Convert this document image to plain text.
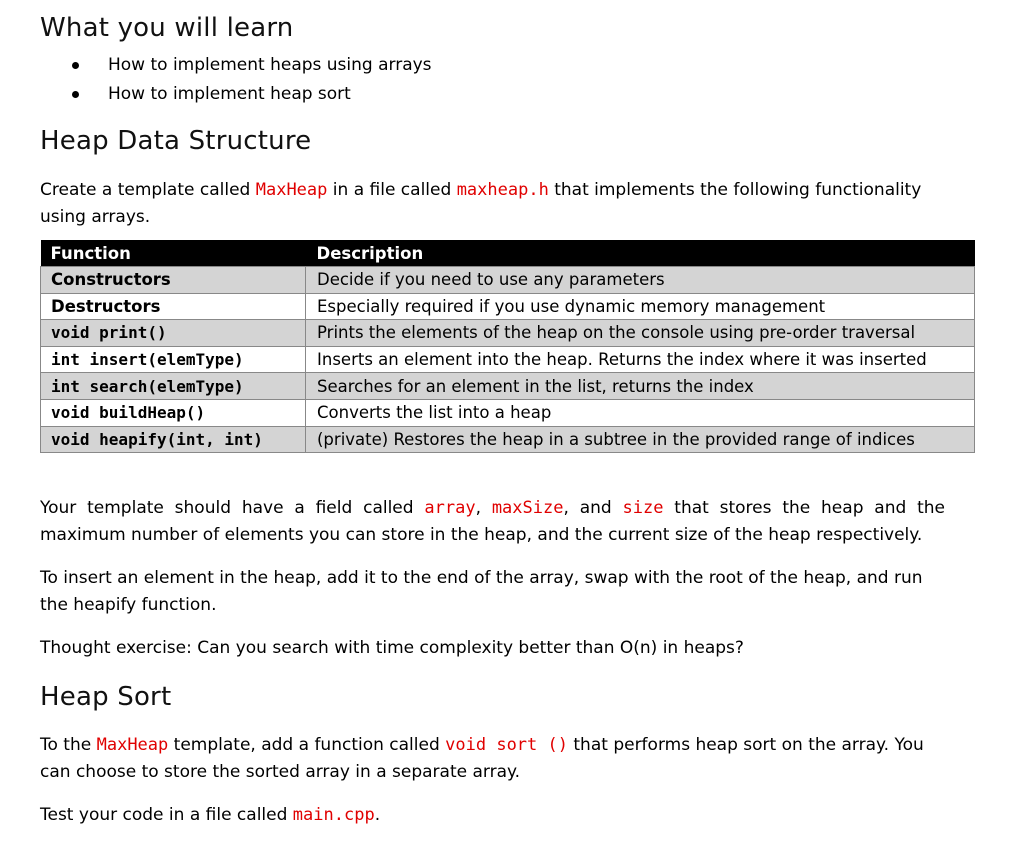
What you will learn
How to implement heaps using arrays
How to implement heap sort
Heap Data Structure

Create a template called MaxHeap in a file called maxheap.h that implements the following functionality using arrays.

Function	Description
Constructors	Decide if you need to use any parameters
Destructors	Especially required if you use dynamic memory management
void print()	Prints the elements of the heap on the console using pre-order traversal
int insert(elemType)	Inserts an element into the heap. Returns the index where it was inserted
int search(elemType)	Searches for an element in the list, returns the index
void buildHeap()	Converts the list into a heap
void heapify(int, int)	(private) Restores the heap in a subtree in the provided range of indices

Your template should have a field called array, maxSize, and size that stores the heap and the maximum number of elements you can store in the heap, and the current size of the heap respectively.

To insert an element in the heap, add it to the end of the array, swap with the root of the heap, and run the heapify function.

Thought exercise: Can you search with time complexity better than O(n) in heaps?

Heap Sort

To the MaxHeap template, add a function called void sort () that performs heap sort on the array. You can choose to store the sorted array in a separate array.

Test your code in a file called main.cpp.
